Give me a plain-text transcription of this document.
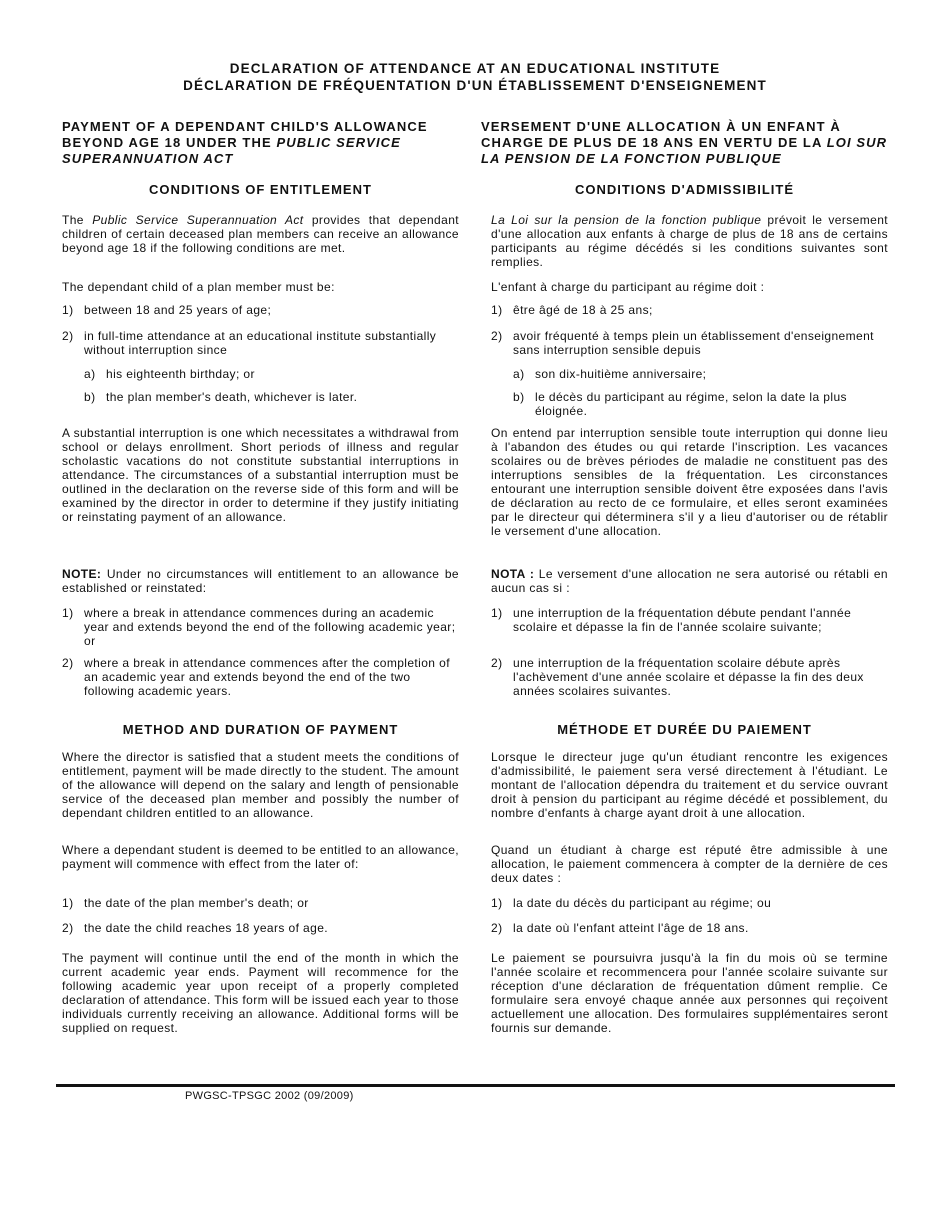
DECLARATION OF ATTENDANCE AT AN EDUCATIONAL INSTITUTE
DÉCLARATION DE FRÉQUENTATION D'UN ÉTABLISSEMENT D'ENSEIGNEMENT

PAYMENT OF A DEPENDANT CHILD'S ALLOWANCE BEYOND AGE 18 UNDER THE PUBLIC SERVICE SUPERANNUATION ACT

CONDITIONS OF ENTITLEMENT

The Public Service Superannuation Act provides that dependant children of certain deceased plan members can receive an allowance beyond age 18 if the following conditions are met.

The dependant child of a plan member must be:

1) between 18 and 25 years of age;
2) in full-time attendance at an educational institute substantially without interruption since
a) his eighteenth birthday; or
b) the plan member's death, whichever is later.

A substantial interruption is one which necessitates a withdrawal from school or delays enrollment. Short periods of illness and regular scholastic vacations do not constitute substantial interruptions in attendance. The circumstances of a substantial interruption must be outlined in the declaration on the reverse side of this form and will be examined by the director in order to determine if they justify initiating or reinstating payment of an allowance.

NOTE: Under no circumstances will entitlement to an allowance be established or reinstated:

1) where a break in attendance commences during an academic year and extends beyond the end of the following academic year; or
2) where a break in attendance commences after the completion of an academic year and extends beyond the end of the two following academic years.

METHOD AND DURATION OF PAYMENT

Where the director is satisfied that a student meets the conditions of entitlement, payment will be made directly to the student. The amount of the allowance will depend on the salary and length of pensionable service of the deceased plan member and possibly the number of dependant children entitled to an allowance.

Where a dependant student is deemed to be entitled to an allowance, payment will commence with effect from the later of:

1) the date of the plan member's death; or
2) the date the child reaches 18 years of age.

The payment will continue until the end of the month in which the current academic year ends. Payment will recommence for the following academic year upon receipt of a properly completed declaration of attendance. This form will be issued each year to those individuals currently receiving an allowance. Additional forms will be supplied on request.

VERSEMENT D'UNE ALLOCATION À UN ENFANT À CHARGE DE PLUS DE 18 ANS EN VERTU DE LA LOI SUR LA PENSION DE LA FONCTION PUBLIQUE

CONDITIONS D'ADMISSIBILITÉ

La Loi sur la pension de la fonction publique prévoit le versement d'une allocation aux enfants à charge de plus de 18 ans de certains participants au régime décédés si les conditions suivantes sont remplies.

L'enfant à charge du participant au régime doit :

1) être âgé de 18 à 25 ans;
2) avoir fréquenté à temps plein un établissement d'enseignement sans interruption sensible depuis
a) son dix-huitième anniversaire;
b) le décès du participant au régime, selon la date la plus éloignée.

On entend par interruption sensible toute interruption qui donne lieu à l'abandon des études ou qui retarde l'inscription. Les vacances scolaires ou de brèves périodes de maladie ne constituent pas des interruptions sensibles de la fréquentation. Les circonstances entourant une interruption sensible doivent être exposées dans l'avis de déclaration au recto de ce formulaire, et elles seront examinées par le directeur qui déterminera s'il y a lieu d'autoriser ou de rétablir le versement d'une allocation.

NOTA : Le versement d'une allocation ne sera autorisé ou rétabli en aucun cas si :

1) une interruption de la fréquentation débute pendant l'année scolaire et dépasse la fin de l'année scolaire suivante;
2) une interruption de la fréquentation scolaire débute après l'achèvement d'une année scolaire et dépasse la fin des deux années scolaires suivantes.

MÉTHODE ET DURÉE DU PAIEMENT

Lorsque le directeur juge qu'un étudiant rencontre les exigences d'admissibilité, le paiement sera versé directement à l'étudiant. Le montant de l'allocation dépendra du traitement et du service ouvrant droit à pension du participant au régime décédé et possiblement, du nombre d'enfants à charge ayant droit à une allocation.

Quand un étudiant à charge est réputé être admissible à une allocation, le paiement commencera à compter de la dernière de ces deux dates :

1) la date du décès du participant au régime; ou
2) la date où l'enfant atteint l'âge de 18 ans.

Le paiement se poursuivra jusqu'à la fin du mois où se termine l'année scolaire et recommencera pour l'année scolaire suivante sur réception d'une déclaration de fréquentation dûment remplie. Ce formulaire sera envoyé chaque année aux personnes qui reçoivent actuellement une allocation. Des formulaires supplémentaires seront fournis sur demande.

PWGSC-TPSGC 2002 (09/2009)
